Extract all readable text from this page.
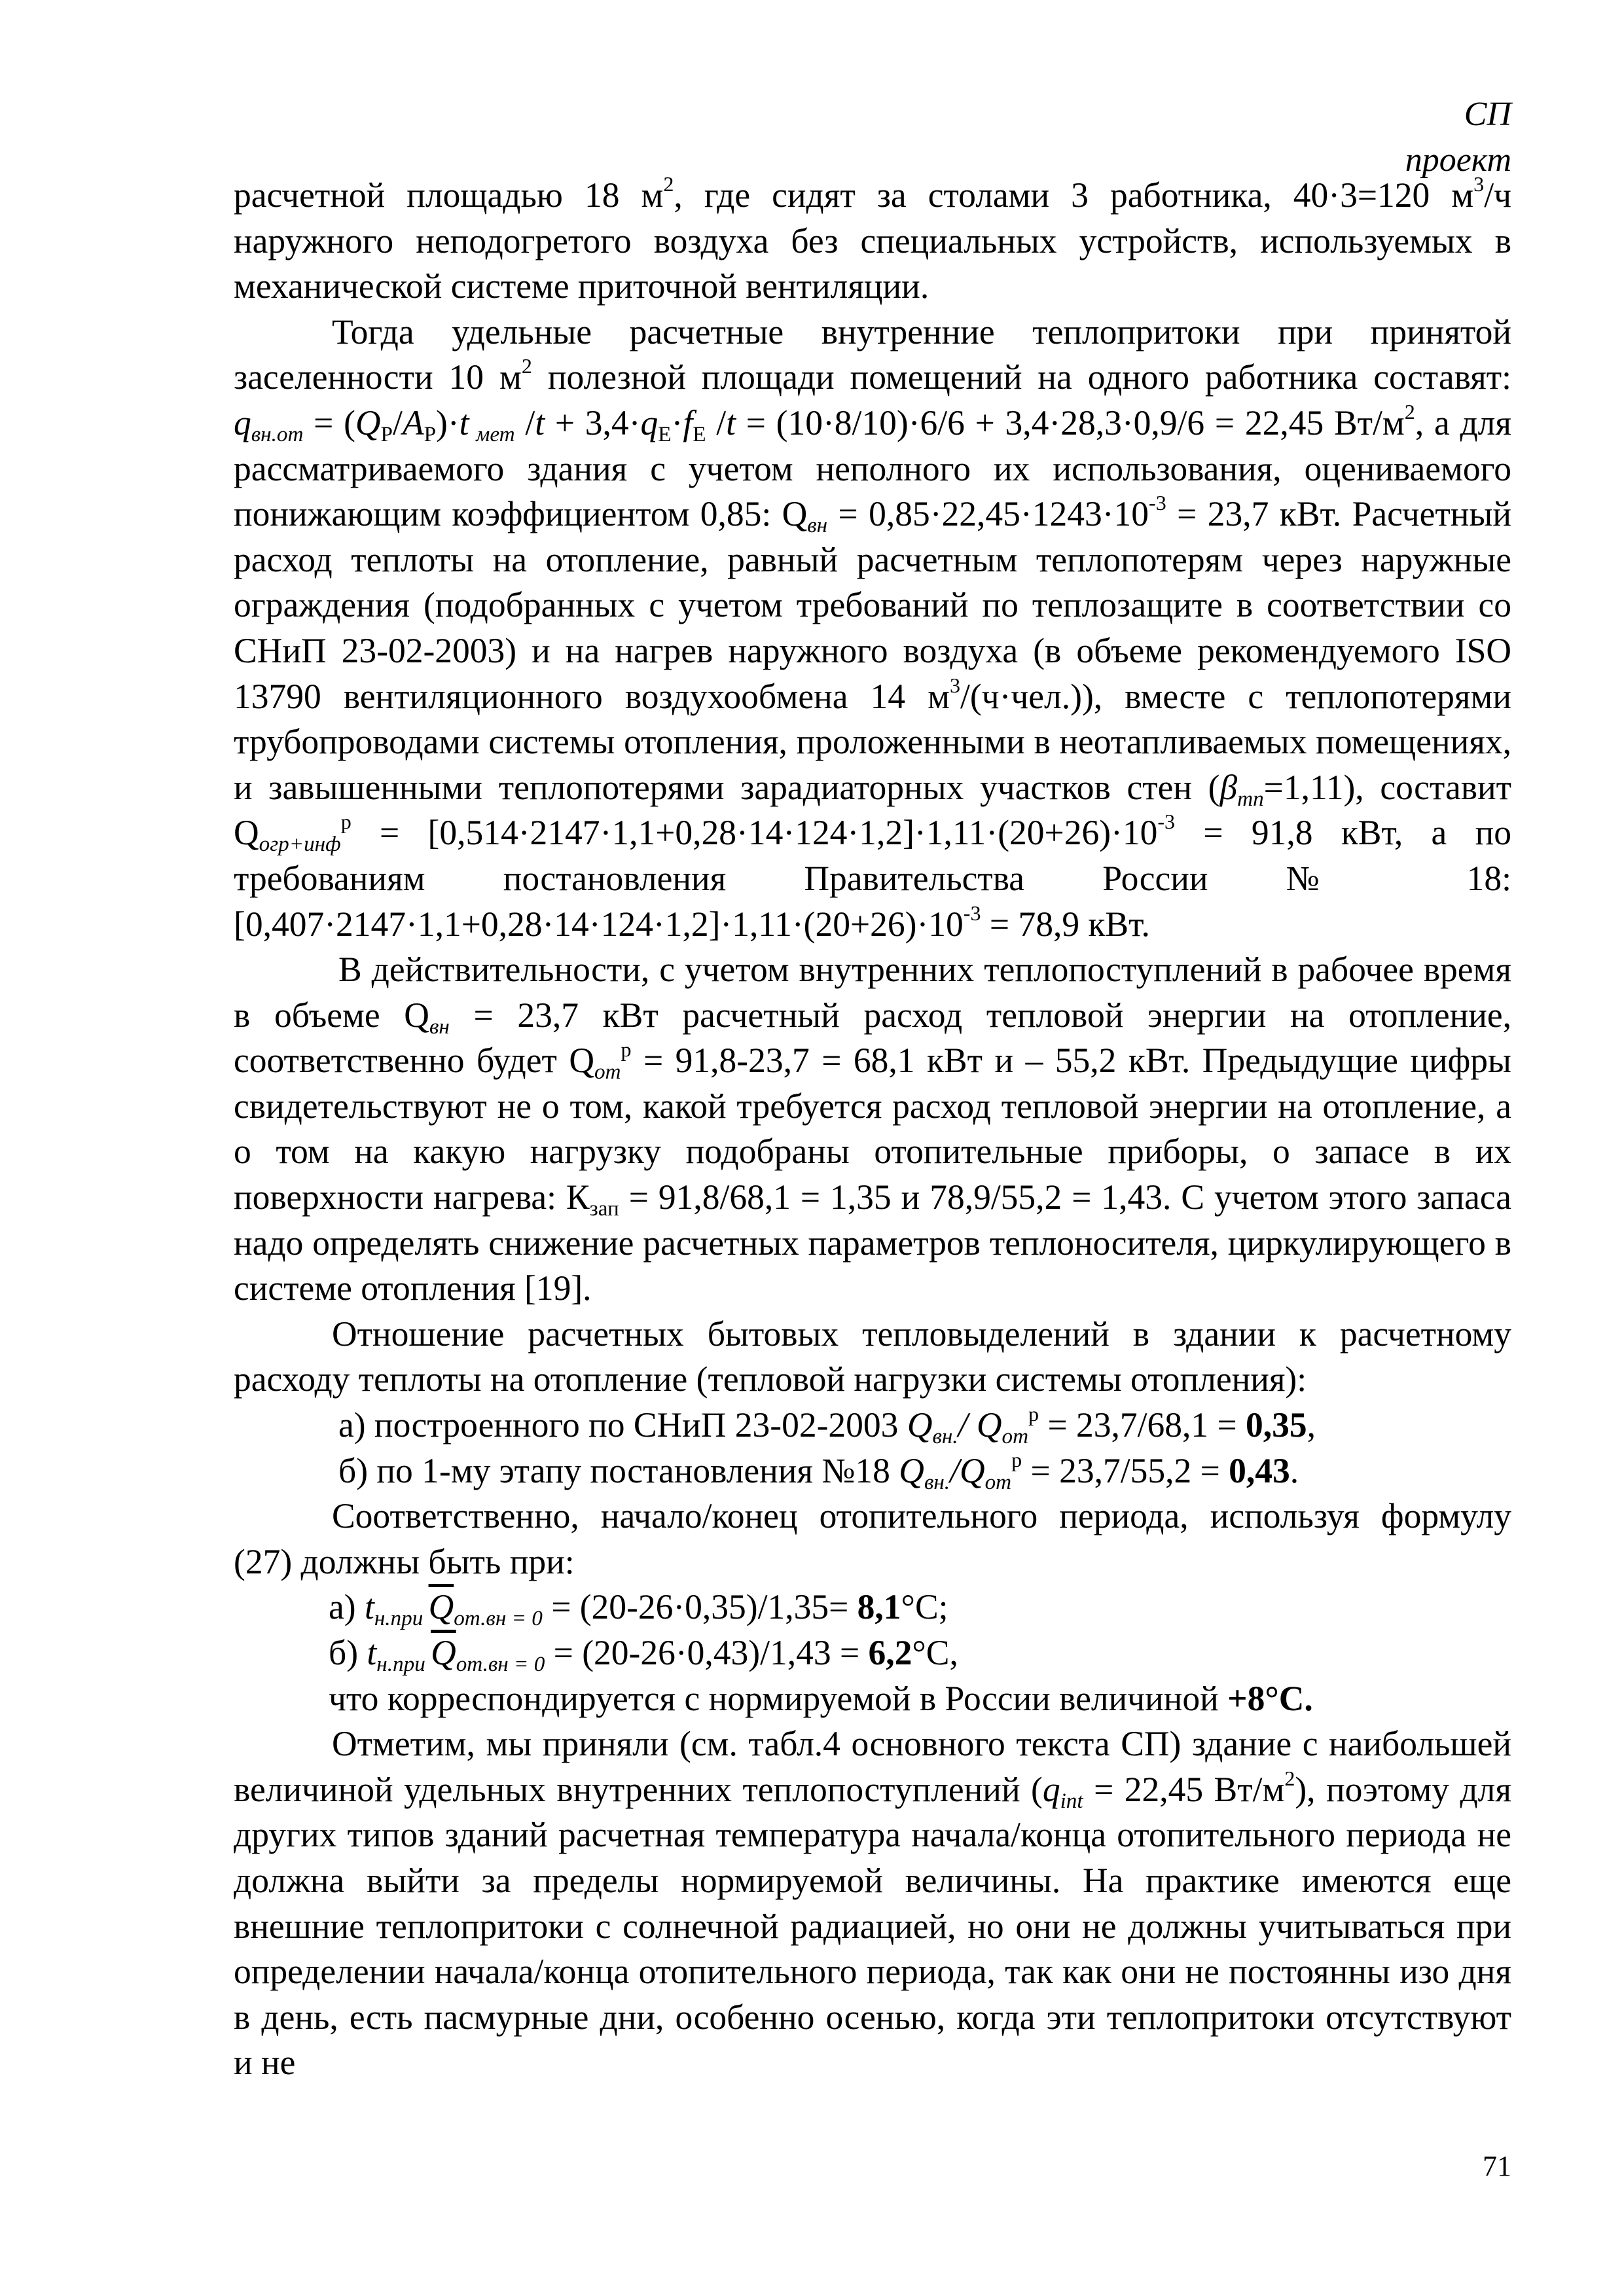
СП
проект

расчетной площадью 18 $м^2$, где сидят за столами 3 работника, 40·3=120 $м^3/ч$ наружного неподогретого воздуха без специальных устройств, используемых в механической системе приточной вентиляции.

Тогда удельные расчетные внутренние теплопритоки при принятой заселенности 10 $м^2$ полезной площади помещений на одного работника составят: $q_{вн.от} = (Q_P/A_P)\cdot t$ $_{мет}$ $/t + 3,4\cdot q_E\cdot f_E$ /t = (10·8/10)·6/6 + 3,4·28,3·0,9/6 = 22,45 $Вт/м^2$, а для рассматриваемого здания с учетом неполного их использования, оцениваемого понижающим коэффициентом 0,85: $Q_{вн} = 0,85\cdot 22,45\cdot 1243\cdot 10^{-3} = 23,7$ кВт. Расчетный расход теплоты на отопление, равный расчетным теплопотерям через наружные ограждения (подобранных с учетом требований по теплозащите в соответствии со СНиП 23-02-2003) и на нагрев наружного воздуха (в объеме рекомендуемого ISO 13790 вентиляционного воздухообмена 14 $м^3/(ч\cdot чел.)$), вместе с теплопотерями трубопроводами системы отопления, проложенными в неотапливаемых помещениях, и завышенными теплопотерями зарадиаторных участков стен $(\beta_{тп}=1,11)$, составит $Q_{огр+инф}^р = [0,514\cdot 2147\cdot 1,1+0,28\cdot 14\cdot 124\cdot 1,2]\cdot 1,11\cdot(20+26)\cdot 10^{-3} = 91,8$ кВт, а по требованиям постановления Правительства России № 18: $[0,407\cdot 2147\cdot 1,1+0,28\cdot 14\cdot 124\cdot 1,2]\cdot 1,11\cdot(20+26)\cdot 10^{-3} = 78,9$ кВт.

В действительности, с учетом внутренних теплопоступлений в рабочее время в объеме $Q_{вн} = 23,7$ кВт расчетный расход тепловой энергии на отопление, соответственно будет $Q_{от}^р = 91,8-23,7 = 68,1$ кВт и – 55,2 кВт. Предыдущие цифры свидетельствуют не о том, какой требуется расход тепловой энергии на отопление, а о том на какую нагрузку подобраны отопительные приборы, о запасе в их поверхности нагрева: $К_{зап} = 91,8/68,1 = 1,35$ и 78,9/55,2 = 1,43. С учетом этого запаса надо определять снижение расчетных параметров теплоносителя, циркулирующего в системе отопления [19].

Отношение расчетных бытовых тепловыделений в здании к расчетному расходу теплоты на отопление (тепловой нагрузки системы отопления):

а) построенного по СНиП 23-02-2003 $Q_{вн.}/$ $Q_{от}^р = 23,7/68,1 = 0,35$,

б) по 1-му этапу постановления №18 $Q_{вн.}/Q_{от}^р = 23,7/55,2 = 0,43$.

Соответственно, начало/конец отопительного периода, используя формулу (27) должны быть при:

а) $t_{н.при}$ $\overline{Q}_{от.вн = 0} = (20-26\cdot 0,35)/1,35= 8,1^\circ С$;

б) $t_{н.при}$ $\overline{Q}_{от.вн = 0} = (20-26\cdot 0,43)/1,43 = 6,2^\circ С$,

что корреспондируется с нормируемой в России величиной +8°С.

Отметим, мы приняли (см. табл.4 основного текста СП) здание с наибольшей величиной удельных внутренних теплопоступлений ($q_{int} = 22,45$ $Вт/м^2$), поэтому для других типов зданий расчетная температура начала/конца отопительного периода не должна выйти за пределы нормируемой величины. На практике имеются еще внешние теплопритоки с солнечной радиацией, но они не должны учитываться при определении начала/конца отопительного периода, так как они не постоянны изо дня в день, есть пасмурные дни, особенно осенью, когда эти теплопритоки отсутствуют и не

71
